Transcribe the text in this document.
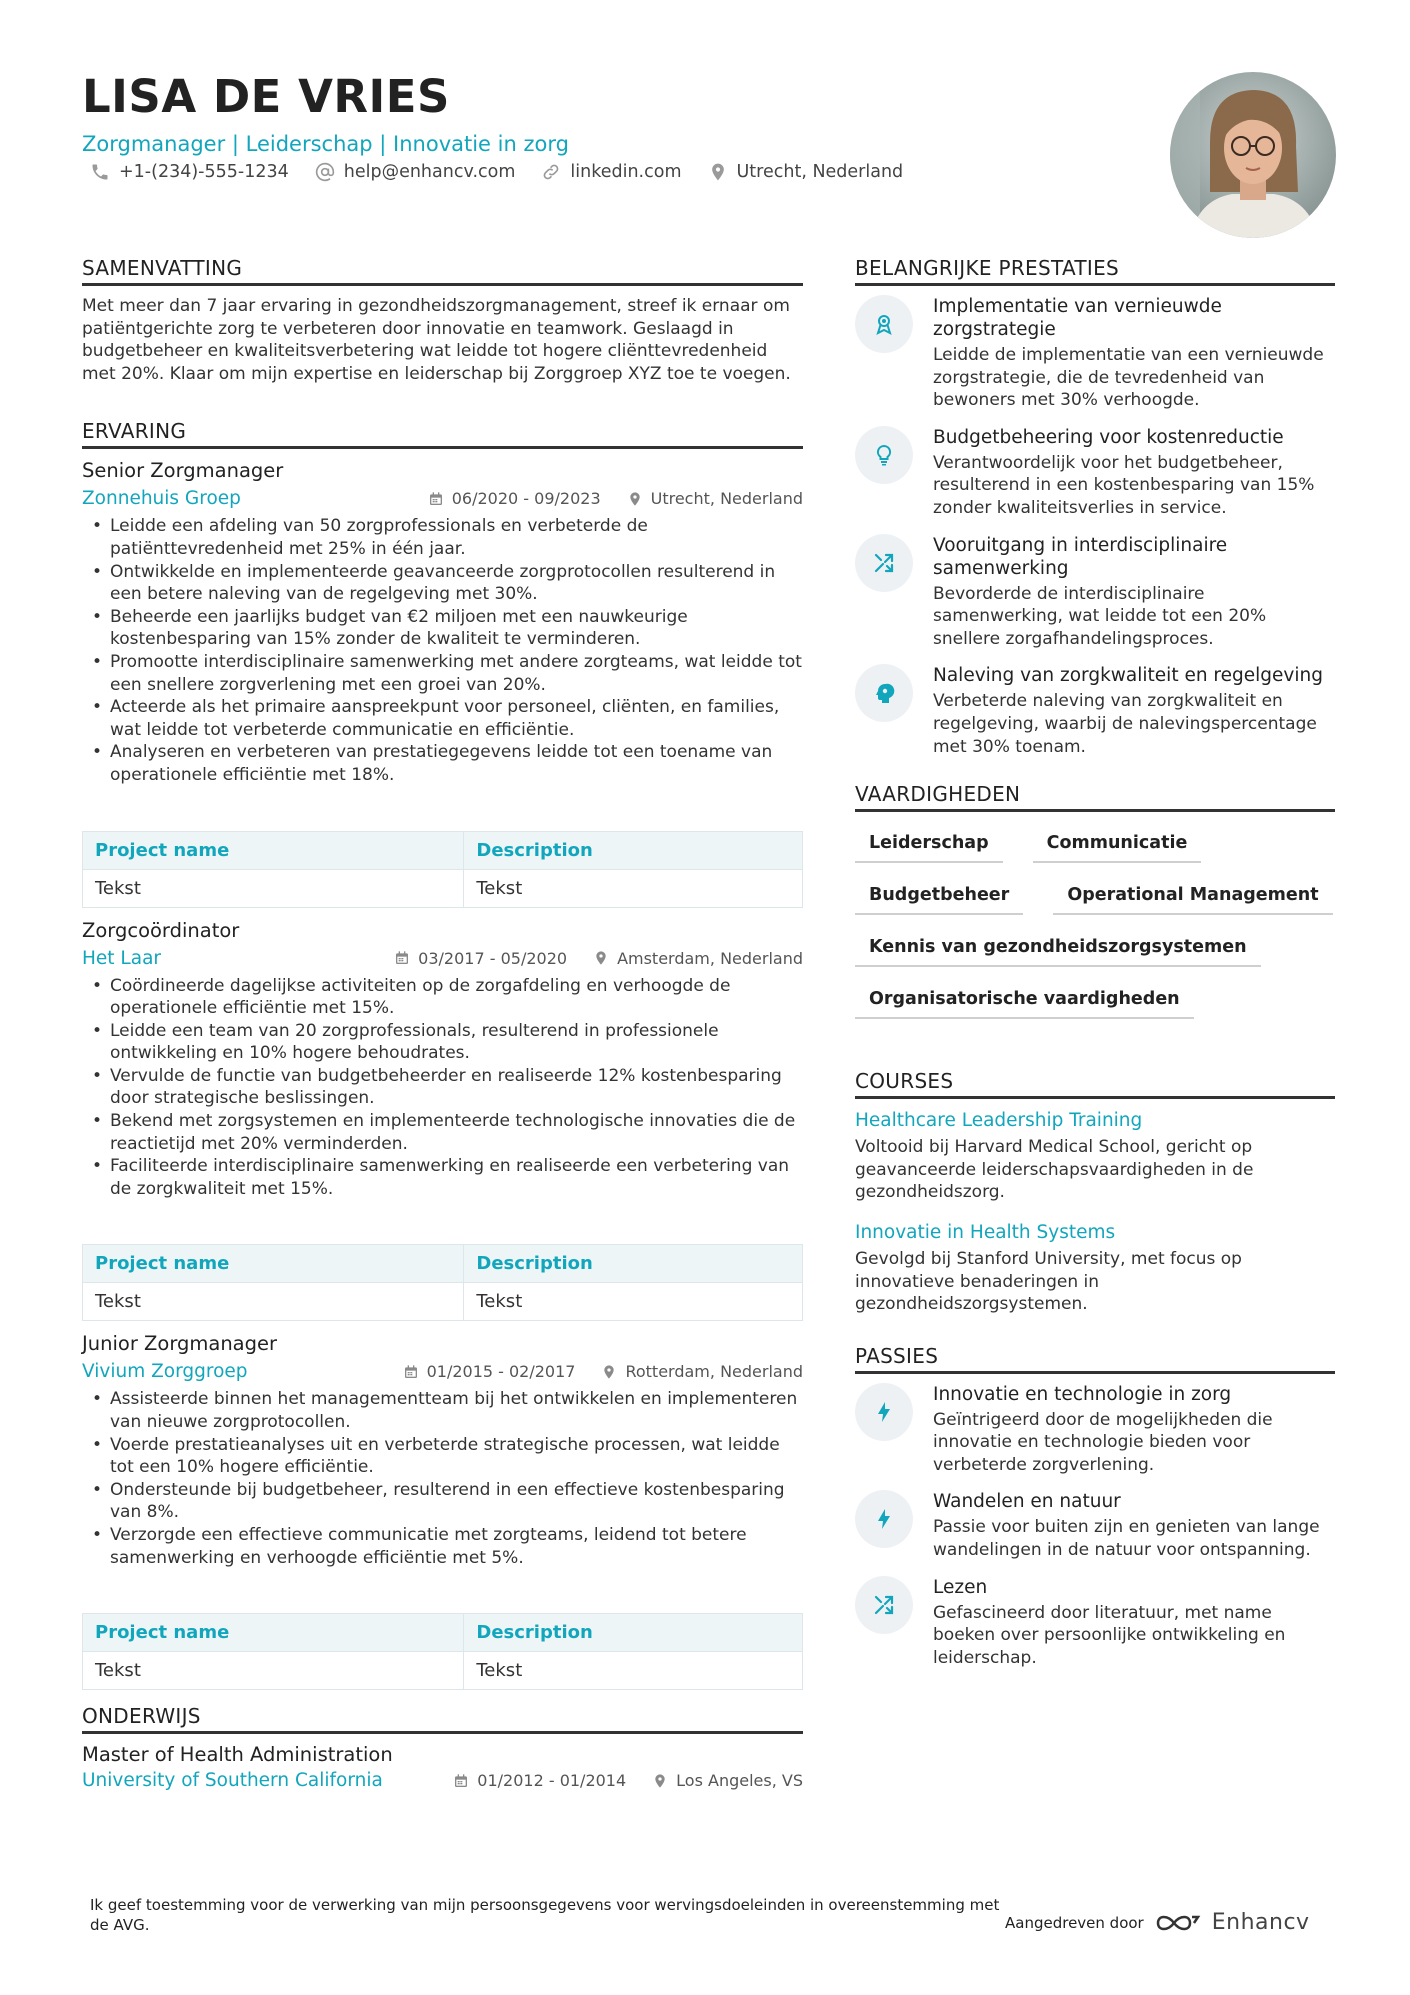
LISA DE VRIES
Zorgmanager | Leiderschap | Innovatie in zorg
+1-(234)-555-1234	help@enhancv.com	linkedin.com	Utrecht, Nederland
SAMENVATTING
Met meer dan 7 jaar ervaring in gezondheidszorgmanagement, streef ik ernaar om patiëntgerichte zorg te verbeteren door innovatie en teamwork. Geslaagd in budgetbeheer en kwaliteitsverbetering wat leidde tot hogere cliënttevredenheid met 20%. Klaar om mijn expertise en leiderschap bij Zorggroep XYZ toe te voegen.
ERVARING
Senior Zorgmanager
Zonnehuis Groep	06/2020 - 09/2023	Utrecht, Nederland
• Leidde een afdeling van 50 zorgprofessionals en verbeterde de patiënttevredenheid met 25% in één jaar.
• Ontwikkelde en implementeerde geavanceerde zorgprotocollen resulterend in een betere naleving van de regelgeving met 30%.
• Beheerde een jaarlijks budget van €2 miljoen met een nauwkeurige kostenbesparing van 15% zonder de kwaliteit te verminderen.
• Promootte interdisciplinaire samenwerking met andere zorgteams, wat leidde tot een snellere zorgverlening met een groei van 20%.
• Acteerde als het primaire aanspreekpunt voor personeel, cliënten, en families, wat leidde tot verbeterde communicatie en efficiëntie.
• Analyseren en verbeteren van prestatiegegevens leidde tot een toename van operationele efficiëntie met 18%.
Project name	Description
Tekst	Tekst
Zorgcoördinator
Het Laar	03/2017 - 05/2020	Amsterdam, Nederland
• Coördineerde dagelijkse activiteiten op de zorgafdeling en verhoogde de operationele efficiëntie met 15%.
• Leidde een team van 20 zorgprofessionals, resulterend in professionele ontwikkeling en 10% hogere behoudrates.
• Vervulde de functie van budgetbeheerder en realiseerde 12% kostenbesparing door strategische beslissingen.
• Bekend met zorgsystemen en implementeerde technologische innovaties die de reactietijd met 20% verminderden.
• Faciliteerde interdisciplinaire samenwerking en realiseerde een verbetering van de zorgkwaliteit met 15%.
Project name	Description
Tekst	Tekst
Junior Zorgmanager
Vivium Zorggroep	01/2015 - 02/2017	Rotterdam, Nederland
• Assisteerde binnen het managementteam bij het ontwikkelen en implementeren van nieuwe zorgprotocollen.
• Voerde prestatieanalyses uit en verbeterde strategische processen, wat leidde tot een 10% hogere efficiëntie.
• Ondersteunde bij budgetbeheer, resulterend in een effectieve kostenbesparing van 8%.
• Verzorgde een effectieve communicatie met zorgteams, leidend tot betere samenwerking en verhoogde efficiëntie met 5%.
Project name	Description
Tekst	Tekst
ONDERWIJS
Master of Health Administration
University of Southern California	01/2012 - 01/2014	Los Angeles, VS
BELANGRIJKE PRESTATIES
Implementatie van vernieuwde zorgstrategie
Leidde de implementatie van een vernieuwde zorgstrategie, die de tevredenheid van bewoners met 30% verhoogde.
Budgetbeheering voor kostenreductie
Verantwoordelijk voor het budgetbeheer, resulterend in een kostenbesparing van 15% zonder kwaliteitsverlies in service.
Vooruitgang in interdisciplinaire samenwerking
Bevorderde de interdisciplinaire samenwerking, wat leidde tot een 20% snellere zorgafhandelingsproces.
Naleving van zorgkwaliteit en regelgeving
Verbeterde naleving van zorgkwaliteit en regelgeving, waarbij de nalevingspercentage met 30% toenam.
VAARDIGHEDEN
Leiderschap	Communicatie
Budgetbeheer	Operational Management
Kennis van gezondheidszorgsystemen
Organisatorische vaardigheden
COURSES
Healthcare Leadership Training
Voltooid bij Harvard Medical School, gericht op geavanceerde leiderschapsvaardigheden in de gezondheidszorg.
Innovatie in Health Systems
Gevolgd bij Stanford University, met focus op innovatieve benaderingen in gezondheidszorgsystemen.
PASSIES
Innovatie en technologie in zorg
Geïntrigeerd door de mogelijkheden die innovatie en technologie bieden voor verbeterde zorgverlening.
Wandelen en natuur
Passie voor buiten zijn en genieten van lange wandelingen in de natuur voor ontspanning.
Lezen
Gefascineerd door literatuur, met name boeken over persoonlijke ontwikkeling en leiderschap.
Ik geef toestemming voor de verwerking van mijn persoonsgegevens voor wervingsdoeleinden in overeenstemming met de AVG.	Aangedreven door	Enhancv
